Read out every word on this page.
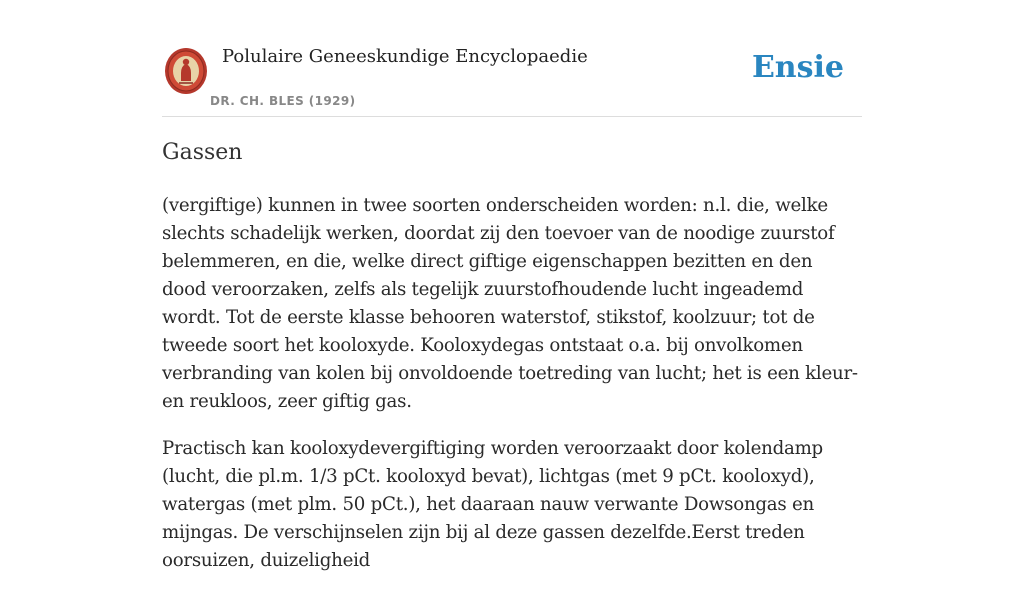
Polulaire Geneeskundige Encyclopaedie
DR. CH. BLES (1929)
Ensie
Gassen

(vergiftige) kunnen in twee soorten onderscheiden worden: n.l. die, welke slechts schadelijk werken, doordat zij den toevoer van de noodige zuurstof belemmeren, en die, welke direct giftige eigenschappen bezitten en den dood veroorzaken, zelfs als tegelijk zuurstofhoudende lucht ingeademd wordt. Tot de eerste klasse behooren waterstof, stikstof, koolzuur; tot de tweede soort het kooloxyde. Kooloxydegas ontstaat o.a. bij onvolkomen verbranding van kolen bij onvoldoende toetreding van lucht; het is een kleur- en reukloos, zeer giftig gas.

Practisch kan kooloxydevergiftiging worden veroorzaakt door kolendamp (lucht, die pl.m. 1/3 pCt. kooloxyd bevat), lichtgas (met 9 pCt. kooloxyd), watergas (met plm. 50 pCt.), het daaraan nauw verwante Dowsongas en mijngas. De verschijnselen zijn bij al deze gassen dezelfde.Eerst treden oorsuizen, duizeligheid
